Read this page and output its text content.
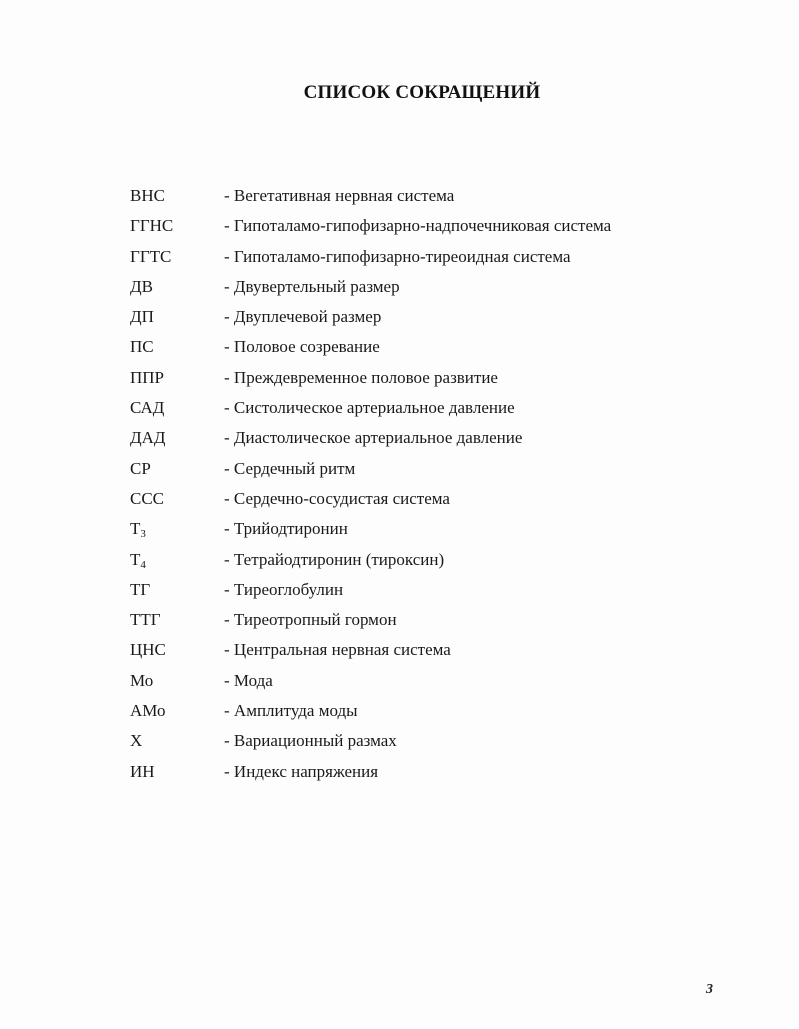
СПИСОК СОКРАЩЕНИЙ
ВНС	- Вегетативная нервная система
ГГНС	- Гипоталамо-гипофизарно-надпочечниковая система
ГГТС	- Гипоталамо-гипофизарно-тиреоидная система
ДВ	- Двувертельный размер
ДП	- Двуплечевой размер
ПС	- Половое созревание
ППР	- Преждевременное половое развитие
САД	- Систолическое артериальное давление
ДАД	- Диастолическое артериальное давление
СР	- Сердечный ритм
ССС	- Сердечно-сосудистая система
$Т_3$	- Трийодтиронин
$Т_4$	- Тетрайодтиронин (тироксин)
ТГ	- Тиреоглобулин
ТТГ	- Тиреотропный гормон
ЦНС	- Центральная нервная система
Мо	- Мода
АМо	- Амплитуда моды
Х	- Вариационный размах
ИН	- Индекс напряжения
3
